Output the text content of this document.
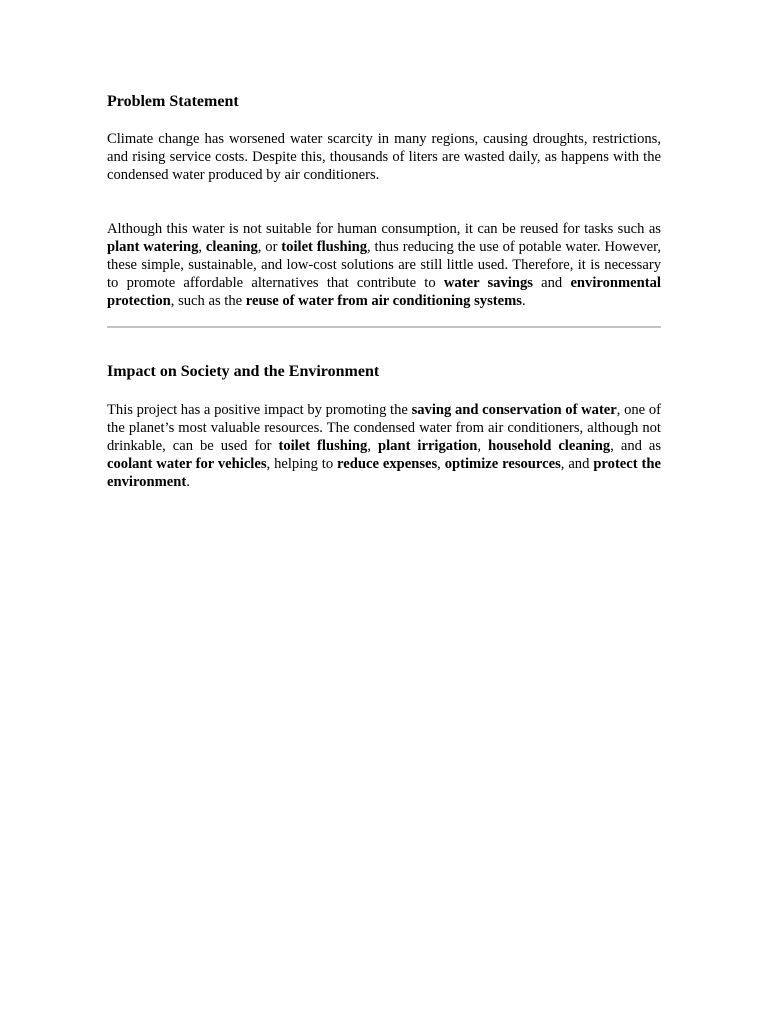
Problem Statement

Climate change has worsened water scarcity in many regions, causing droughts, restrictions, and rising service costs. Despite this, thousands of liters are wasted daily, as happens with the condensed water produced by air conditioners.

Although this water is not suitable for human consumption, it can be reused for tasks such as plant watering, cleaning, or toilet flushing, thus reducing the use of potable water. However, these simple, sustainable, and low-cost solutions are still little used. Therefore, it is necessary to promote affordable alternatives that contribute to water savings and environmental protection, such as the reuse of water from air conditioning systems.

Impact on Society and the Environment

This project has a positive impact by promoting the saving and conservation of water, one of the planet’s most valuable resources. The condensed water from air conditioners, although not drinkable, can be used for toilet flushing, plant irrigation, household cleaning, and as coolant water for vehicles, helping to reduce expenses, optimize resources, and protect the environment.
